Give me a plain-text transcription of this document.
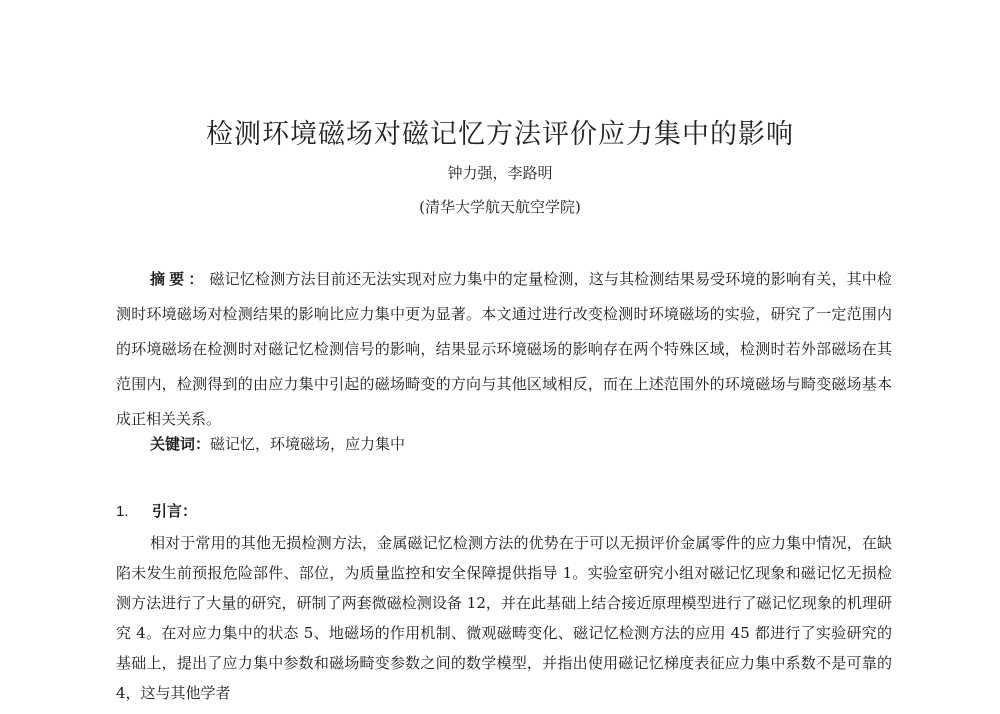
检测环境磁场对磁记忆方法评价应力集中的影响
钟力强，李路明
(清华大学航天航空学院)

摘要： 磁记忆检测方法目前还无法实现对应力集中的定量检测，这与其检测结果易受环境的影响有关，其中检测时环境磁场对检测结果的影响比应力集中更为显著。本文通过进行改变检测时环境磁场的实验，研究了一定范围内的环境磁场在检测时对磁记忆检测信号的影响，结果显示环境磁场的影响存在两个特殊区域，检测时若外部磁场在其范围内，检测得到的由应力集中引起的磁场畸变的方向与其他区域相反，而在上述范围外的环境磁场与畸变磁场基本成正相关关系。

关键词：磁记忆，环境磁场，应力集中

1. 引言：

相对于常用的其他无损检测方法，金属磁记忆检测方法的优势在于可以无损评价金属零件的应力集中情况，在缺陷未发生前预报危险部件、部位，为质量监控和安全保障提供指导 1。实验室研究小组对磁记忆现象和磁记忆无损检测方法进行了大量的研究，研制了两套微磁检测设备 12，并在此基础上结合接近原理模型进行了磁记忆现象的机理研究 4。在对应力集中的状态 5、地磁场的作用机制、微观磁畴变化、磁记忆检测方法的应用 45 都进行了实验研究的基础上，提出了应力集中参数和磁场畸变参数之间的数学模型，并指出使用磁记忆梯度表征应力集中系数不是可靠的 4，这与其他学者
